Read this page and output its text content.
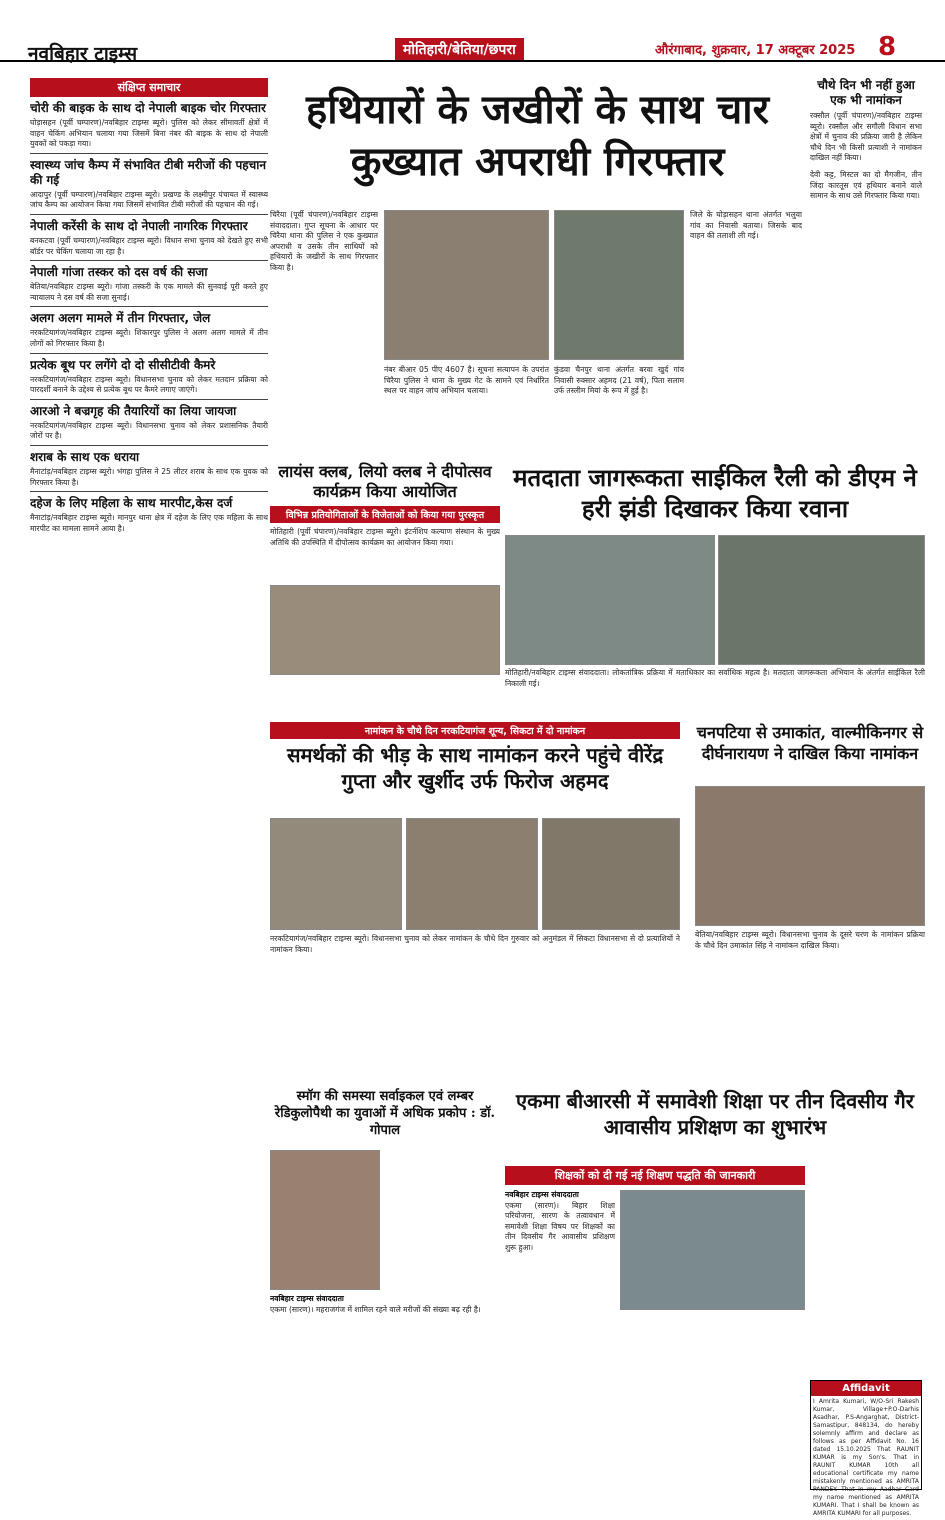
नवबिहार टाइम्स	मोतिहारी/बेतिया/छपरा	औरंगाबाद, शुक्रवार, 17 अक्टूबर 2025 8
संक्षिप्त समाचार
चोरी की बाइक के साथ दो नेपाली बाइक चोर गिरफ्तार
घोड़ासहन (पूर्वी चम्पारण)/नवबिहार टाइम्स ब्यूरो। पुलिस को लेकर सीमावर्ती क्षेत्रों में वाहन चेकिंग अभियान चलाया गया जिसमें बिना नंबर की बाइक के साथ दो नेपाली युवकों को पकड़ा गया।
स्वास्थ्य जांच कैम्प में संभावित टीबी मरीजों की पहचान की गई
आदापुर (पूर्वी चम्पारण)/नवबिहार टाइम्स ब्यूरो। प्रखण्ड के लक्ष्मीपुर पंचायत में स्वास्थ्य जांच कैम्प का आयोजन किया गया जिसमें संभावित टीबी मरीजों की पहचान की गई।
नेपाली करेंसी के साथ दो नेपाली नागरिक गिरफ्तार
बनकटवा (पूर्वी चम्पारण)/नवबिहार टाइम्स ब्यूरो। विधान सभा चुनाव को देखते हुए सभी बॉर्डर पर चेकिंग चलाया जा रहा है।
नेपाली गांजा तस्कर को दस वर्ष की सजा
बेतिया/नवबिहार टाइम्स ब्यूरो। गांजा तस्करी के एक मामले की सुनवाई पूरी करते हुए न्यायालय ने दस वर्ष की सजा सुनाई।
अलग अलग मामले में तीन गिरफ्तार, जेल
नरकटियागंज/नवबिहार टाइम्स ब्यूरो। शिकारपुर पुलिस ने अलग अलग मामले में तीन लोगों को गिरफ्तार किया है।
प्रत्येक बूथ पर लगेंगे दो दो सीसीटीवी कैमरे
नरकटियागंज/नवबिहार टाइम्स ब्यूरो। विधानसभा चुनाव को लेकर मतदान प्रक्रिया को पारदर्शी बनाने के उद्देश्य से प्रत्येक बूथ पर कैमरे लगाए जाएंगे।
आरओ ने बज्रगृह की तैयारियों का लिया जायजा
नरकटियागंज/नवबिहार टाइम्स ब्यूरो। विधानसभा चुनाव को लेकर प्रशासनिक तैयारी जोरों पर है।
शराब के साथ एक धराया
मैनाटांड़/नवबिहार टाइम्स ब्यूरो। भंगहा पुलिस ने 25 लीटर शराब के साथ एक युवक को गिरफ्तार किया है।
दहेज के लिए महिला के साथ मारपीट,केस दर्ज
मैनाटांड़/नवबिहार टाइम्स ब्यूरो। मानपुर थाना क्षेत्र में दहेज के लिए एक महिला के साथ मारपीट का मामला सामने आया है।
हथियारों के जखीरों के साथ चार कुख्यात अपराधी गिरफ्तार
चिरैया (पूर्वी चंपारण)/नवबिहार टाइम्स संवाददाता। गुप्त सूचना के आधार पर चिरैया थाना की पुलिस ने एक कुख्यात अपराधी व उसके तीन साथियों को हथियारों के जखीरों के साथ गिरफ्तार किया है।
नंबर बीआर 05 पीए 4607 है। सूचना सत्यापन के उपरांत चिरैया पुलिस ने थाना के मुख्य गेट के सामने एवं निर्धारित स्थल पर वाहन जांच अभियान चलाया।
कुंडवा चैनपुर थाना अंतर्गत बरवा खुर्द गांव निवासी रुक्सार अहमद (21 वर्ष), पिता सलाम उर्फ तस्लीम मियां के रूप में हुई है।
जिले के घोड़ासहन थाना अंतर्गत भलुवा गांव का निवासी बताया। जिसके बाद वाहन की तलाशी ली गई।
चौथे दिन भी नहीं हुआ एक भी नामांकन
रक्सौल (पूर्वी चंपारण)/नवबिहार टाइम्स ब्यूरो। रक्सौल और सगौली विधान सभा क्षेत्रों में चुनाव की प्रक्रिया जारी है लेकिन चौथे दिन भी किसी प्रत्याशी ने नामांकन दाखिल नहीं किया।
देवी कट्ट, मिस्टल का दो मैगजीन, तीन जिंदा कारतूस एवं हथियार बनाने वाले सामान के साथ उसे गिरफ्तार किया गया।
लायंस क्लब, लियो क्लब ने दीपोत्सव कार्यक्रम किया आयोजित
विभिन्न प्रतियोगिताओं के विजेताओं को किया गया पुरस्कृत
मोतिहारी (पूर्वी चंपारण)/नवबिहार टाइम्स ब्यूरो। इंटर्नशिप कल्याण संस्थान के मुख्य अतिथि की उपस्थिति में दीपोत्सव कार्यक्रम का आयोजन किया गया।
मतदाता जागरूकता साईकिल रैली को डीएम ने हरी झंडी दिखाकर किया रवाना
मोतिहारी/नवबिहार टाइम्स संवाददाता। लोकतांत्रिक प्रक्रिया में मताधिकार का सर्वाधिक महत्व है। मतदाता जागरूकता अभियान के अंतर्गत साईकिल रैली निकाली गई।
नामांकन के चौथे दिन नरकटियागंज शून्य, सिकटा में दो नामांकन
समर्थकों की भीड़ के साथ नामांकन करने पहुंचे वीरेंद्र गुप्ता और खुर्शीद उर्फ फिरोज अहमद
नरकटियागंज/नवबिहार टाइम्स ब्यूरो। विधानसभा चुनाव को लेकर नामांकन के चौथे दिन गुरुवार को अनुमंडल में सिकटा विधानसभा से दो प्रत्याशियों ने नामांकन किया।
चनपटिया से उमाकांत, वाल्मीकिनगर से दीर्घनारायण ने दाखिल किया नामांकन
बेतिया/नवबिहार टाइम्स ब्यूरो। विधानसभा चुनाव के दूसरे चरण के नामांकन प्रक्रिया के चौथे दिन उमाकांत सिंह ने नामांकन दाखिल किया।
स्मॉग की समस्या सर्वाइकल एवं लम्बर रेडिकुलोपैथी का युवाओं में अधिक प्रकोप : डॉ. गोपाल
नवबिहार टाइम्स संवाददाता
एकमा (सारण)। महराजगंज में शामिल रहने वाले मरीजों की संख्या बढ़ रही है।
एकमा बीआरसी में समावेशी शिक्षा पर तीन दिवसीय गैर आवासीय प्रशिक्षण का शुभारंभ
शिक्षकों को दी गई नई शिक्षण पद्धति की जानकारी
नवबिहार टाइम्स संवाददाता
एकमा (सारण)। बिहार शिक्षा परियोजना, सारण के तत्वावधान में समावेशी शिक्षा विषय पर शिक्षकों का तीन दिवसीय गैर आवासीय प्रशिक्षण शुरू हुआ।
Affidavit
I Amrita Kumari, W/O-Sri Rakesh Kumar, Village+P.O-Darhis Asadhar, P.S-Angarghat, District-Samastipur, 848134, do hereby solemnly affirm and declare as follows as per Affidavit No. 16 dated 15.10.2025 That RAUNIT KUMAR is my Son's. That in RAUNIT KUMAR 10th all educational certificate my name mistakenly mentioned as AMRITA PANDEY. That in my Aadhar Card my name mentioned as AMRITA KUMARI. That I shall be known as AMRITA KUMARI for all purposes.
